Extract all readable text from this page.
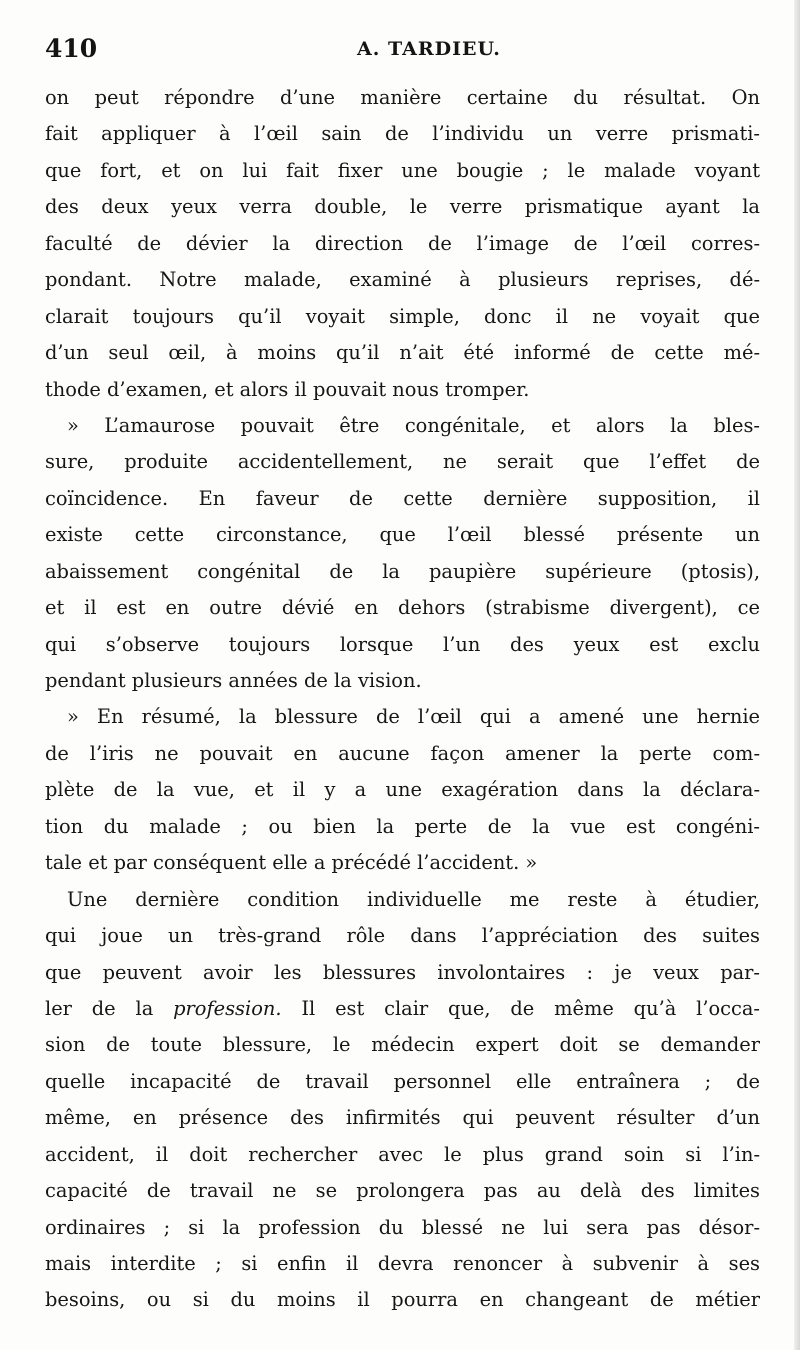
410	A. TARDIEU.
on peut répondre d’une manière certaine du résultat. On
fait appliquer à l’œil sain de l’individu un verre prismati-
que fort, et on lui fait fixer une bougie ; le malade voyant
des deux yeux verra double, le verre prismatique ayant la
faculté de dévier la direction de l’image de l’œil corres-
pondant. Notre malade, examiné à plusieurs reprises, dé-
clarait toujours qu’il voyait simple, donc il ne voyait que
d’un seul œil, à moins qu’il n’ait été informé de cette mé-
thode d’examen, et alors il pouvait nous tromper.
» L’amaurose pouvait être congénitale, et alors la bles-
sure, produite accidentellement, ne serait que l’effet de
coïncidence. En faveur de cette dernière supposition, il
existe cette circonstance, que l’œil blessé présente un
abaissement congénital de la paupière supérieure (ptosis),
et il est en outre dévié en dehors (strabisme divergent), ce
qui s’observe toujours lorsque l’un des yeux est exclu
pendant plusieurs années de la vision.
» En résumé, la blessure de l’œil qui a amené une hernie
de l’iris ne pouvait en aucune façon amener la perte com-
plète de la vue, et il y a une exagération dans la déclara-
tion du malade ; ou bien la perte de la vue est congéni-
tale et par conséquent elle a précédé l’accident. »
Une dernière condition individuelle me reste à étudier,
qui joue un très-grand rôle dans l’appréciation des suites
que peuvent avoir les blessures involontaires : je veux par-
ler de la profession. Il est clair que, de même qu’à l’occa-
sion de toute blessure, le médecin expert doit se demander
quelle incapacité de travail personnel elle entraînera ; de
même, en présence des infirmités qui peuvent résulter d’un
accident, il doit rechercher avec le plus grand soin si l’in-
capacité de travail ne se prolongera pas au delà des limites
ordinaires ; si la profession du blessé ne lui sera pas désor-
mais interdite ; si enfin il devra renoncer à subvenir à ses
besoins, ou si du moins il pourra en changeant de métier
